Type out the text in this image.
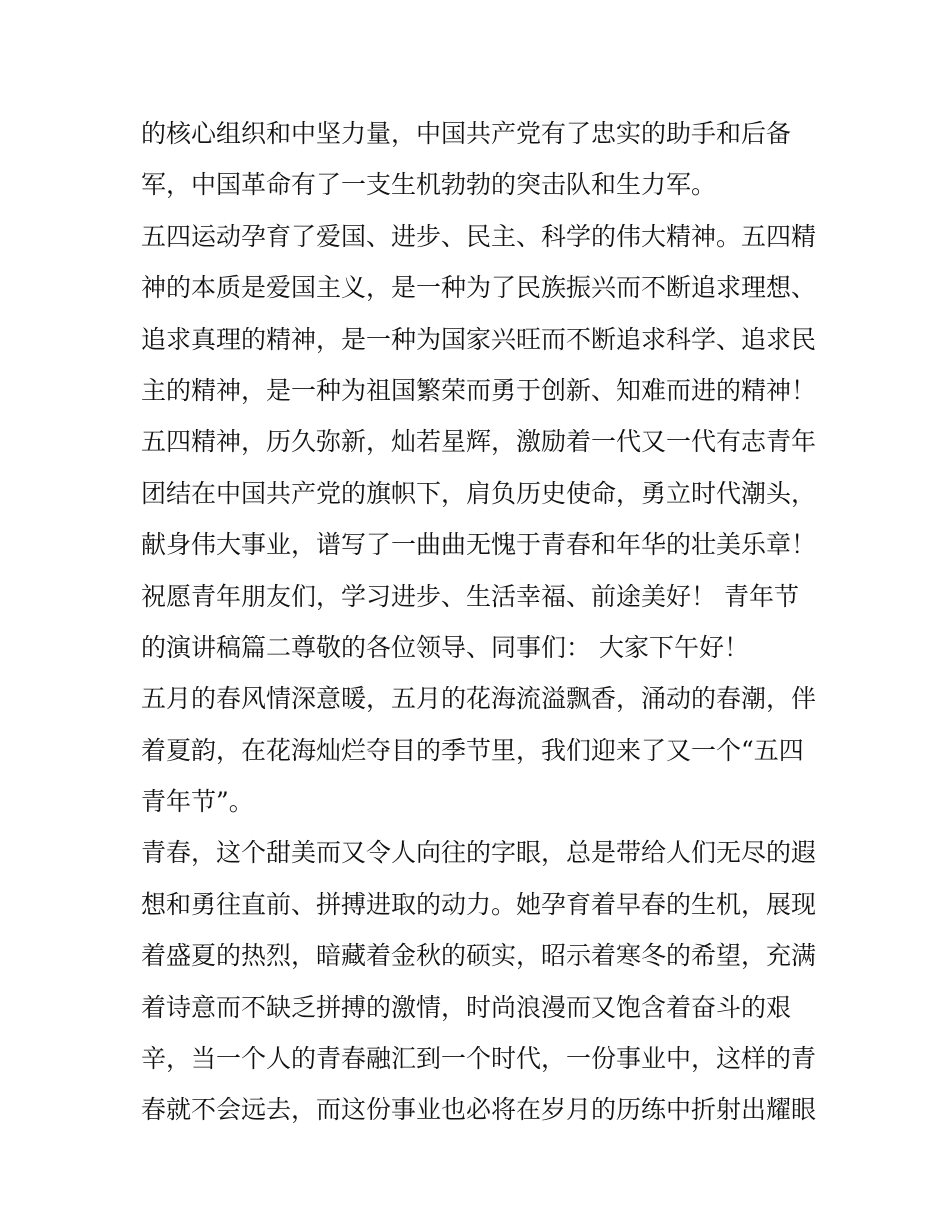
的核心组织和中坚力量，中国共产党有了忠实的助手和后备
军，中国革命有了一支生机勃勃的突击队和生力军。
五四运动孕育了爱国、进步、民主、科学的伟大精神。五四精
神的本质是爱国主义，是一种为了民族振兴而不断追求理想、
追求真理的精神，是一种为国家兴旺而不断追求科学、追求民
主的精神，是一种为祖国繁荣而勇于创新、知难而进的精神！
五四精神，历久弥新，灿若星辉，激励着一代又一代有志青年
团结在中国共产党的旗帜下，肩负历史使命，勇立时代潮头，
献身伟大事业，谱写了一曲曲无愧于青春和年华的壮美乐章！
祝愿青年朋友们，学习进步、生活幸福、前途美好！ 青年节
的演讲稿篇二尊敬的各位领导、同事们： 大家下午好！
五月的春风情深意暖，五月的花海流溢飘香，涌动的春潮，伴
着夏韵，在花海灿烂夺目的季节里，我们迎来了又一个“五四
青年节”。
青春，这个甜美而又令人向往的字眼，总是带给人们无尽的遐
想和勇往直前、拼搏进取的动力。她孕育着早春的生机，展现
着盛夏的热烈，暗藏着金秋的硕实，昭示着寒冬的希望，充满
着诗意而不缺乏拼搏的激情，时尚浪漫而又饱含着奋斗的艰
辛，当一个人的青春融汇到一个时代，一份事业中，这样的青
春就不会远去，而这份事业也必将在岁月的历练中折射出耀眼
